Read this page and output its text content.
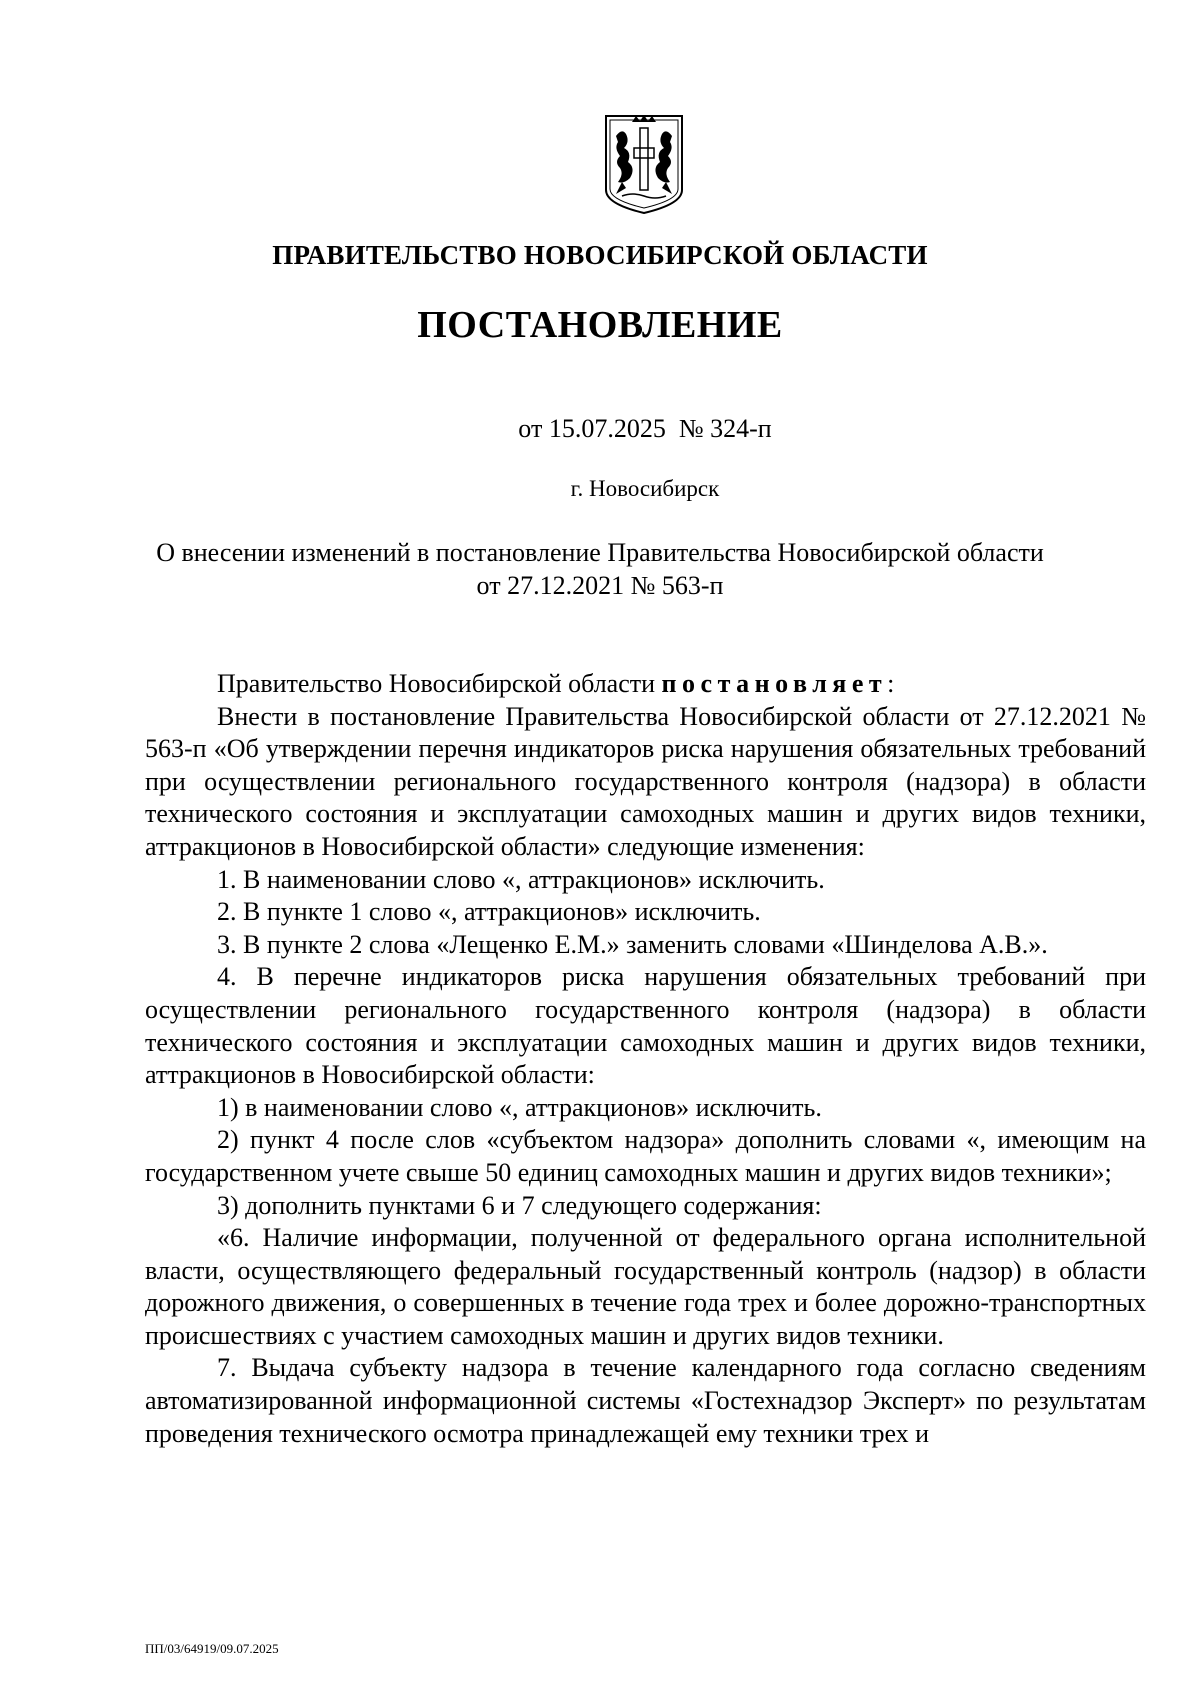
ПРАВИТЕЛЬСТВО НОВОСИБИРСКОЙ ОБЛАСТИ
ПОСТАНОВЛЕНИЕ
от 15.07.2025  № 324-п
г. Новосибирск
О внесении изменений в постановление Правительства Новосибирской области
от 27.12.2021 № 563-п

Правительство Новосибирской области постановляет:

Внести в постановление Правительства Новосибирской области от 27.12.2021 № 563-п «Об утверждении перечня индикаторов риска нарушения обязательных требований при осуществлении регионального государственного контроля (надзора) в области технического состояния и эксплуатации самоходных машин и других видов техники, аттракционов в Новосибирской области» следующие изменения:

1. В наименовании слово «, аттракционов» исключить.

2. В пункте 1 слово «, аттракционов» исключить.

3. В пункте 2 слова «Лещенко Е.М.» заменить словами «Шинделова А.В.».

4. В перечне индикаторов риска нарушения обязательных требований при осуществлении регионального государственного контроля (надзора) в области технического состояния и эксплуатации самоходных машин и других видов техники, аттракционов в Новосибирской области:

1) в наименовании слово «, аттракционов» исключить.

2) пункт 4 после слов «субъектом надзора» дополнить словами «, имеющим на государственном учете свыше 50 единиц самоходных машин и других видов техники»;

3) дополнить пунктами 6 и 7 следующего содержания:

«6. Наличие информации, полученной от федерального органа исполнительной власти, осуществляющего федеральный государственный контроль (надзор) в области дорожного движения, о совершенных в течение года трех и более дорожно-транспортных происшествиях с участием самоходных машин и других видов техники.

7. Выдача субъекту надзора в течение календарного года согласно сведениям автоматизированной информационной системы «Гостехнадзор Эксперт» по результатам проведения технического осмотра принадлежащей ему техники трех и

ПП/03/64919/09.07.2025
